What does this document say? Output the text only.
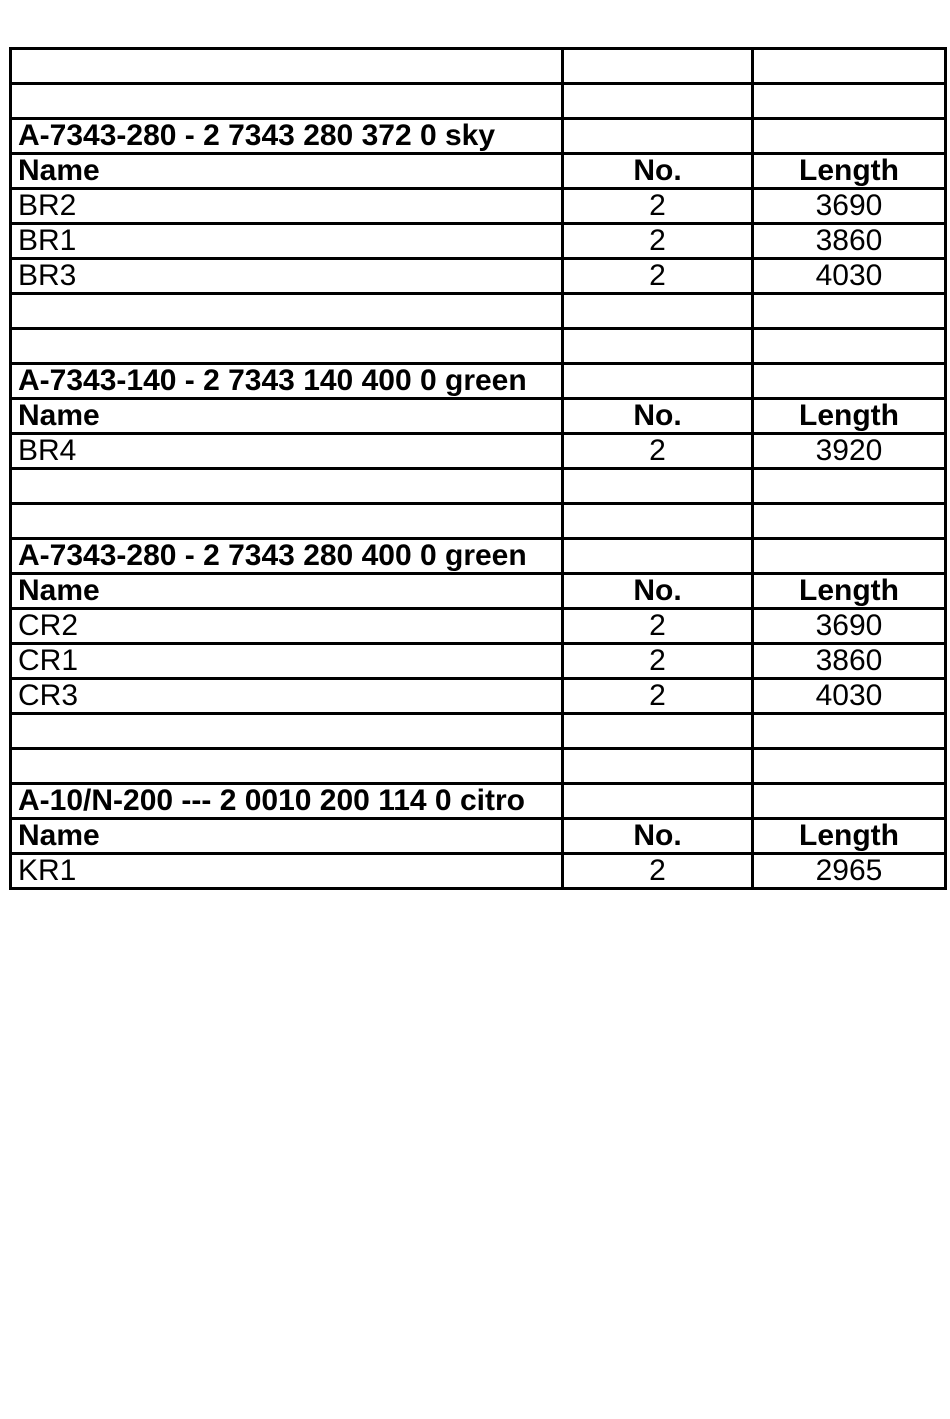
A-7343-280 - 2 7343 280 372 0 sky		
Name	No.	Length
BR2	2	3690
BR1	2	3860
BR3	2	4030

A-7343-140 - 2 7343 140 400 0 green		
Name	No.	Length
BR4	2	3920

A-7343-280 - 2 7343 280 400 0 green		
Name	No.	Length
CR2	2	3690
CR1	2	3860
CR3	2	4030

A-10/N-200 --- 2 0010 200 114 0 citro		
Name	No.	Length
KR1	2	2965
